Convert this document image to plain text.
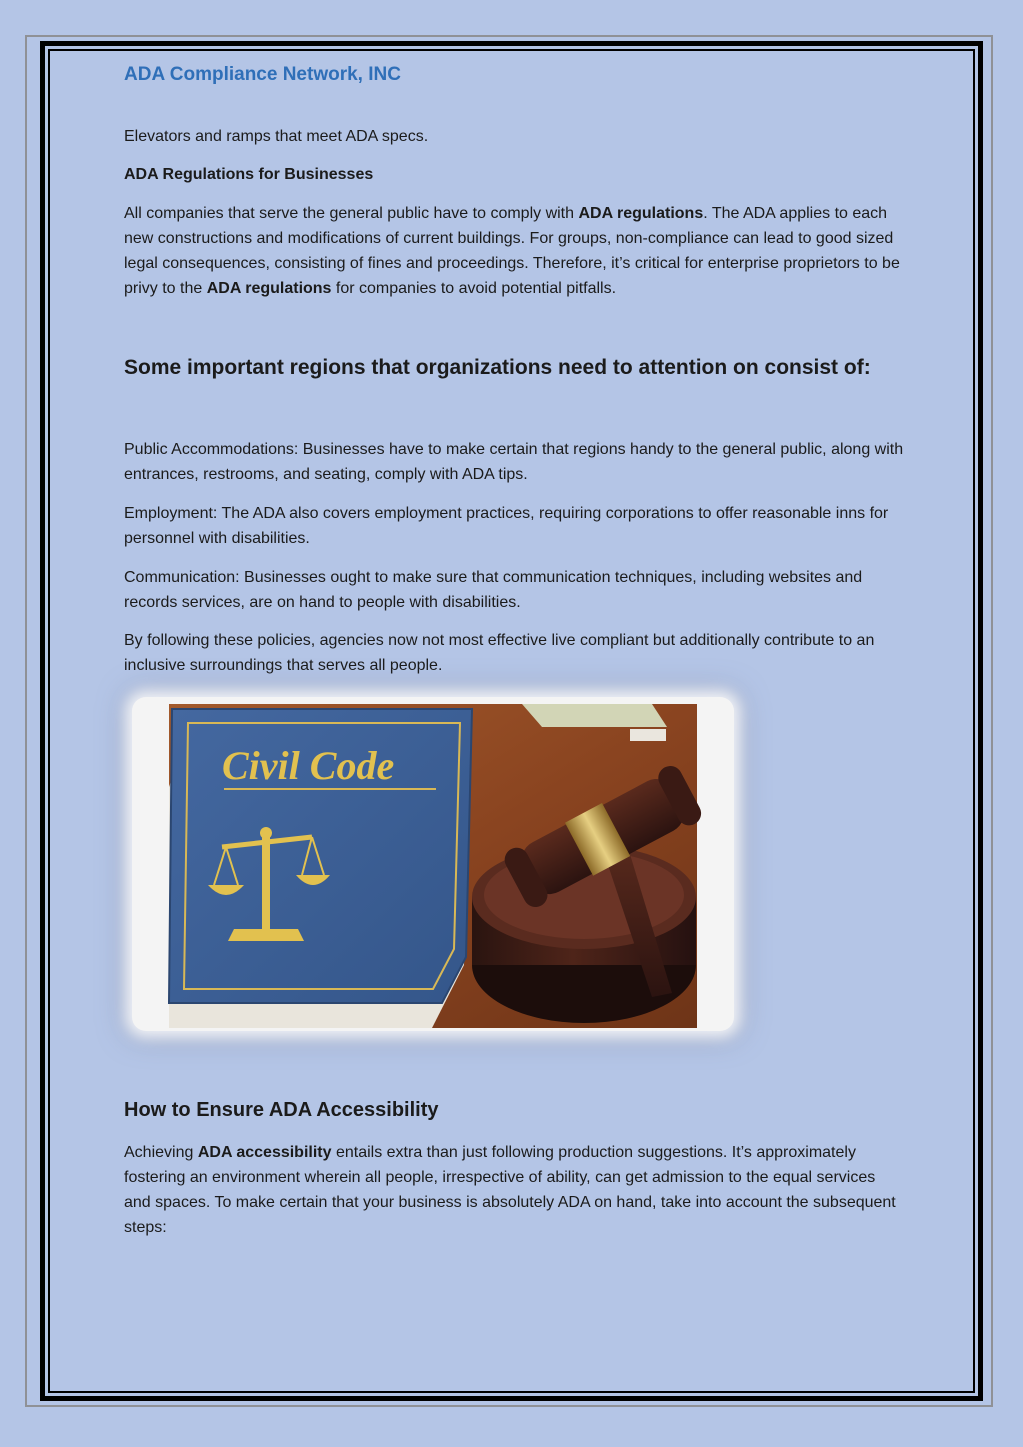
ADA Compliance Network, INC

Elevators and ramps that meet ADA specs.

ADA Regulations for Businesses

All companies that serve the general public have to comply with ADA regulations. The ADA applies to each new constructions and modifications of current buildings. For groups, non-compliance can lead to good sized legal consequences, consisting of fines and proceedings. Therefore, it’s critical for enterprise proprietors to be privy to the ADA regulations for companies to avoid potential pitfalls.

Some important regions that organizations need to attention on consist of:

Public Accommodations: Businesses have to make certain that regions handy to the general public, along with entrances, restrooms, and seating, comply with ADA tips.

Employment: The ADA also covers employment practices, requiring corporations to offer reasonable inns for personnel with disabilities.

Communication: Businesses ought to make sure that communication techniques, including websites and records services, are on hand to people with disabilities.

By following these policies, agencies now not most effective live compliant but additionally contribute to an inclusive surroundings that serves all people.

How to Ensure ADA Accessibility

Achieving ADA accessibility entails extra than just following production suggestions. It’s approximately fostering an environment wherein all people, irrespective of ability, can get admission to the equal services and spaces. To make certain that your business is absolutely ADA on hand, take into account the subsequent steps:

Civil Code
